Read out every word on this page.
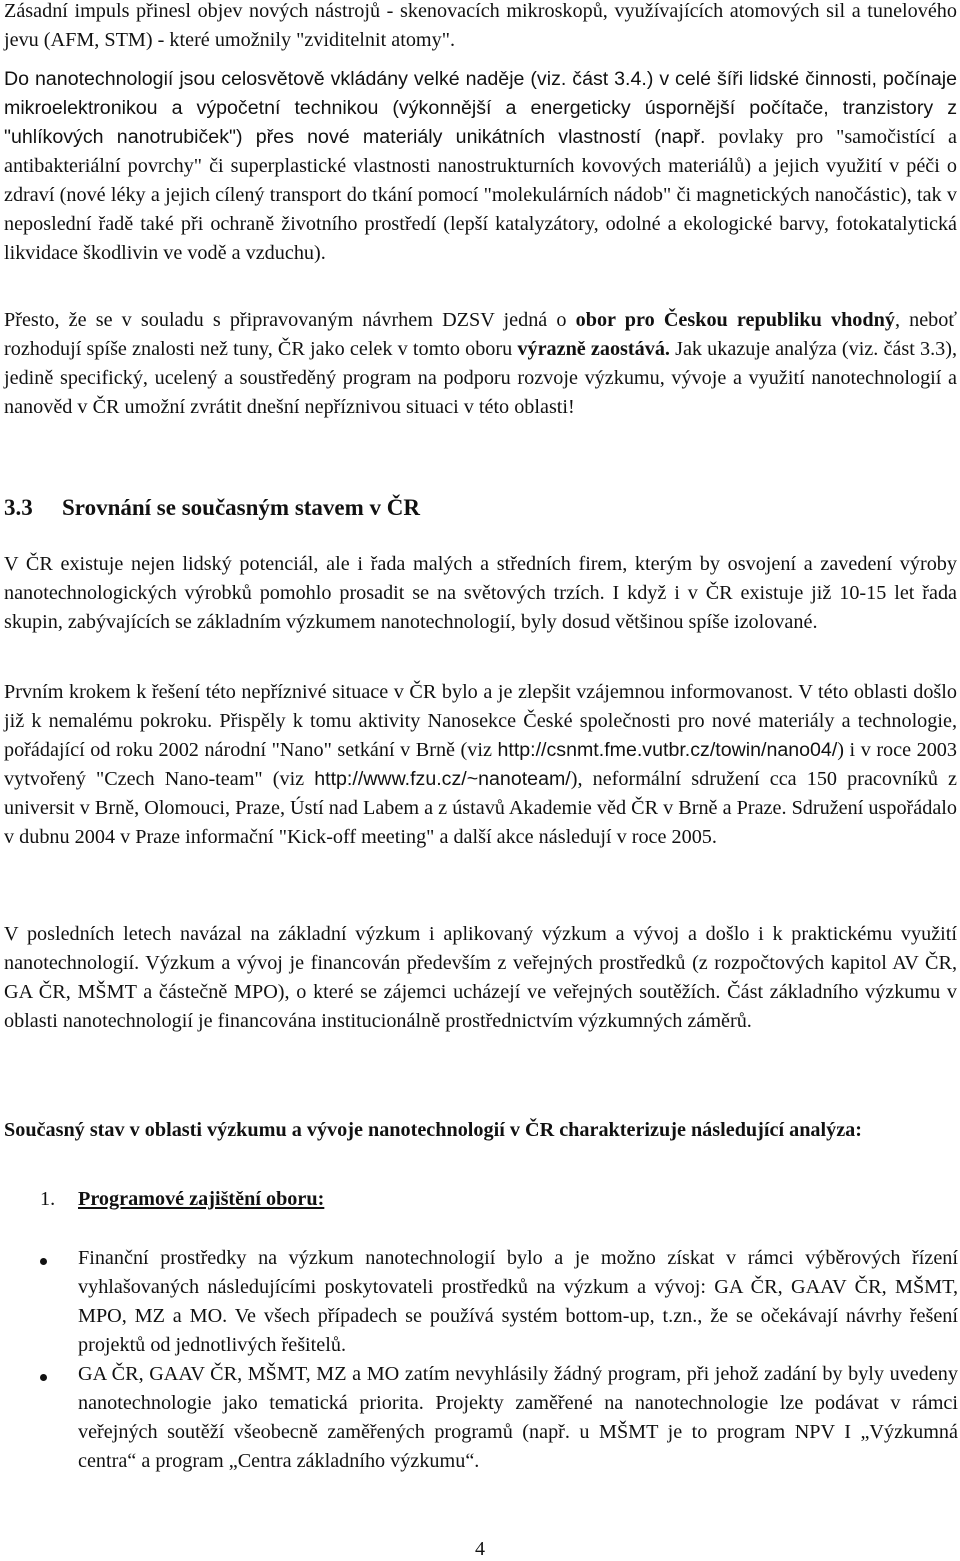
Zásadní impuls přinesl objev nových nástrojů - skenovacích mikroskopů, využívajících atomových sil a tunelového jevu (AFM, STM) - které umožnily "zviditelnit atomy".

Do nanotechnologií jsou celosvětově vkládány velké naděje (viz. část 3.4.) v celé šíři lidské činnosti, počínaje mikroelektronikou a výpočetní technikou (výkonnější a energeticky úspornější počítače, tranzistory z "uhlíkových nanotrubiček") přes nové materiály unikátních vlastností (např. povlaky pro "samočistící a antibakteriální povrchy" či superplastické vlastnosti nanostrukturních kovových materiálů) a jejich využití v péči o zdraví (nové léky a jejich cílený transport do tkání pomocí "molekulárních nádob" či magnetických nanočástic), tak v neposlední řadě také při ochraně životního prostředí (lepší katalyzátory, odolné a ekologické barvy, fotokatalytická likvidace škodlivin ve vodě a vzduchu).

Přesto, že se v souladu s připravovaným návrhem DZSV jedná o obor pro Českou republiku vhodný, neboť rozhodují spíše znalosti než tuny, ČR jako celek v tomto oboru výrazně zaostává. Jak ukazuje analýza (viz. část 3.3), jedině specifický, ucelený a soustředěný program na podporu rozvoje výzkumu, vývoje a využití nanotechnologií a nanověd v ČR umožní zvrátit dnešní nepříznivou situaci v této oblasti!

3.3 Srovnání se současným stavem v ČR

V ČR existuje nejen lidský potenciál, ale i řada malých a středních firem, kterým by osvojení a zavedení výroby nanotechnologických výrobků pomohlo prosadit se na světových trzích. I když i v ČR existuje již 10-15 let řada skupin, zabývajících se základním výzkumem nanotechnologií, byly dosud většinou spíše izolované.

Prvním krokem k řešení této nepříznivé situace v ČR bylo a je zlepšit vzájemnou informovanost. V této oblasti došlo již k nemalému pokroku. Přispěly k tomu aktivity Nanosekce České společnosti pro nové materiály a technologie, pořádající od roku 2002 národní "Nano" setkání v Brně (viz http://csnmt.fme.vutbr.cz/towin/nano04/) i v roce 2003 vytvořený "Czech Nano-team" (viz http://www.fzu.cz/~nanoteam/), neformální sdružení cca 150 pracovníků z universit v Brně, Olomouci, Praze, Ústí nad Labem a z ústavů Akademie věd ČR v Brně a Praze. Sdružení uspořádalo v dubnu 2004 v Praze informační "Kick-off meeting" a další akce následují v roce 2005.

V posledních letech navázal na základní výzkum i aplikovaný výzkum a vývoj a došlo i k praktickému využití nanotechnologií. Výzkum a vývoj je financován především z veřejných prostředků (z rozpočtových kapitol AV ČR, GA ČR, MŠMT a částečně MPO), o které se zájemci ucházejí ve veřejných soutěžích. Část základního výzkumu v oblasti nanotechnologií je financována institucionálně prostřednictvím výzkumných záměrů.

Současný stav v oblasti výzkumu a vývoje nanotechnologií v ČR charakterizuje následující analýza:

1. Programové zajištění oboru:

Finanční prostředky na výzkum nanotechnologií bylo a je možno získat v rámci výběrových řízení vyhlašovaných následujícími poskytovateli prostředků na výzkum a vývoj: GA ČR, GAAV ČR, MŠMT, MPO, MZ a MO. Ve všech případech se používá systém bottom-up, t.zn., že se očekávají návrhy řešení projektů od jednotlivých řešitelů.

GA ČR, GAAV ČR, MŠMT, MZ a MO zatím nevyhlásily žádný program, při jehož zadání by byly uvedeny nanotechnologie jako tematická priorita. Projekty zaměřené na nanotechnologie lze podávat v rámci veřejných soutěží všeobecně zaměřených programů (např. u MŠMT je to program NPV I „Výzkumná centra“ a program „Centra základního výzkumu“.

4
